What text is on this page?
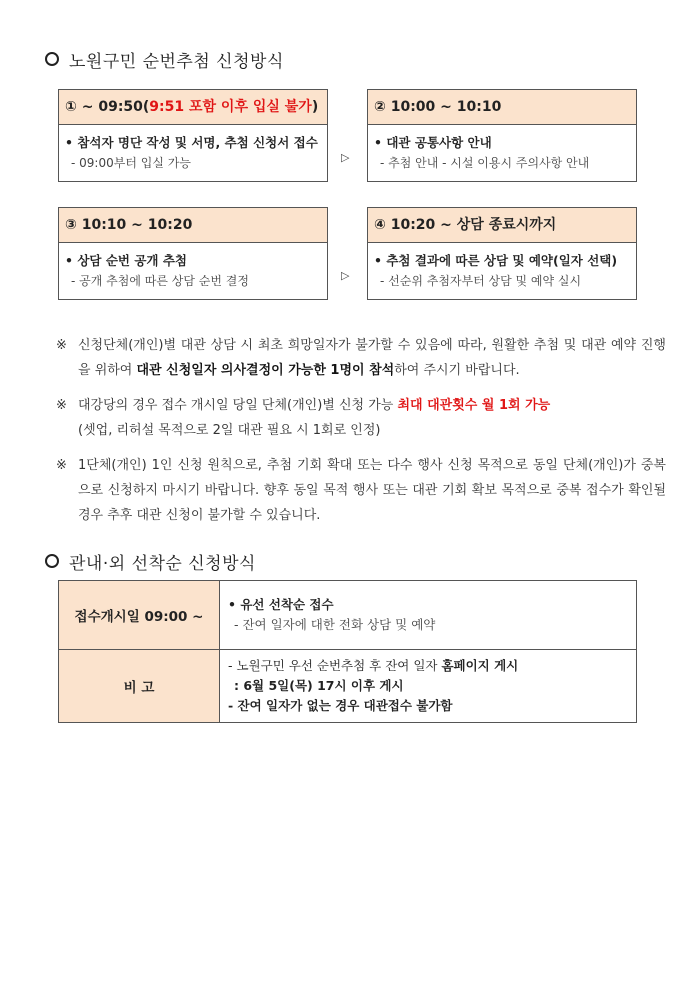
노원구민 순번추첨 신청방식
① ~ 09:50(9:51 포함 이후 입실 불가)
• 참석자 명단 작성 및 서명, 추첨 신청서 접수
- 09:00부터 입실 가능	▷
② 10:00 ~ 10:10
• 대관 공통사항 안내
- 추첨 안내 - 시설 이용시 주의사항 안내
③ 10:10 ~ 10:20
• 상담 순번 공개 추첨
- 공개 추첨에 따른 상담 순번 결정	▷
④ 10:20 ~ 상담 종료시까지
• 추첨 결과에 따른 상담 및 예약(일자 선택)
- 선순위 추첨자부터 상담 및 예약 실시
※ 신청단체(개인)별 대관 상담 시 최초 희망일자가 불가할 수 있음에 따라, 원활한 추첨 및 대관 예약 진행을 위하여 대관 신청일자 의사결정이 가능한 1명이 참석하여 주시기 바랍니다.
※ 대강당의 경우 접수 개시일 당일 단체(개인)별 신청 가능 최대 대관횟수 월 1회 가능
(셋업, 리허설 목적으로 2일 대관 필요 시 1회로 인정)
※ 1단체(개인) 1인 신청 원칙으로, 추첨 기회 확대 또는 다수 행사 신청 목적으로 동일 단체(개인)가 중복으로 신청하지 마시기 바랍니다. 향후 동일 목적 행사 또는 대관 기회 확보 목적으로 중복 접수가 확인될 경우 추후 대관 신청이 불가할 수 있습니다.
관내·외 선착순 신청방식
접수개시일 09:00 ~	• 유선 선착순 접수
- 잔여 일자에 대한 전화 상담 및 예약

비 고	- 노원구민 우선 순번추첨 후 잔여 일자 홈페이지 게시
: 6월 5일(목) 17시 이후 게시
- 잔여 일자가 없는 경우 대관접수 불가함
